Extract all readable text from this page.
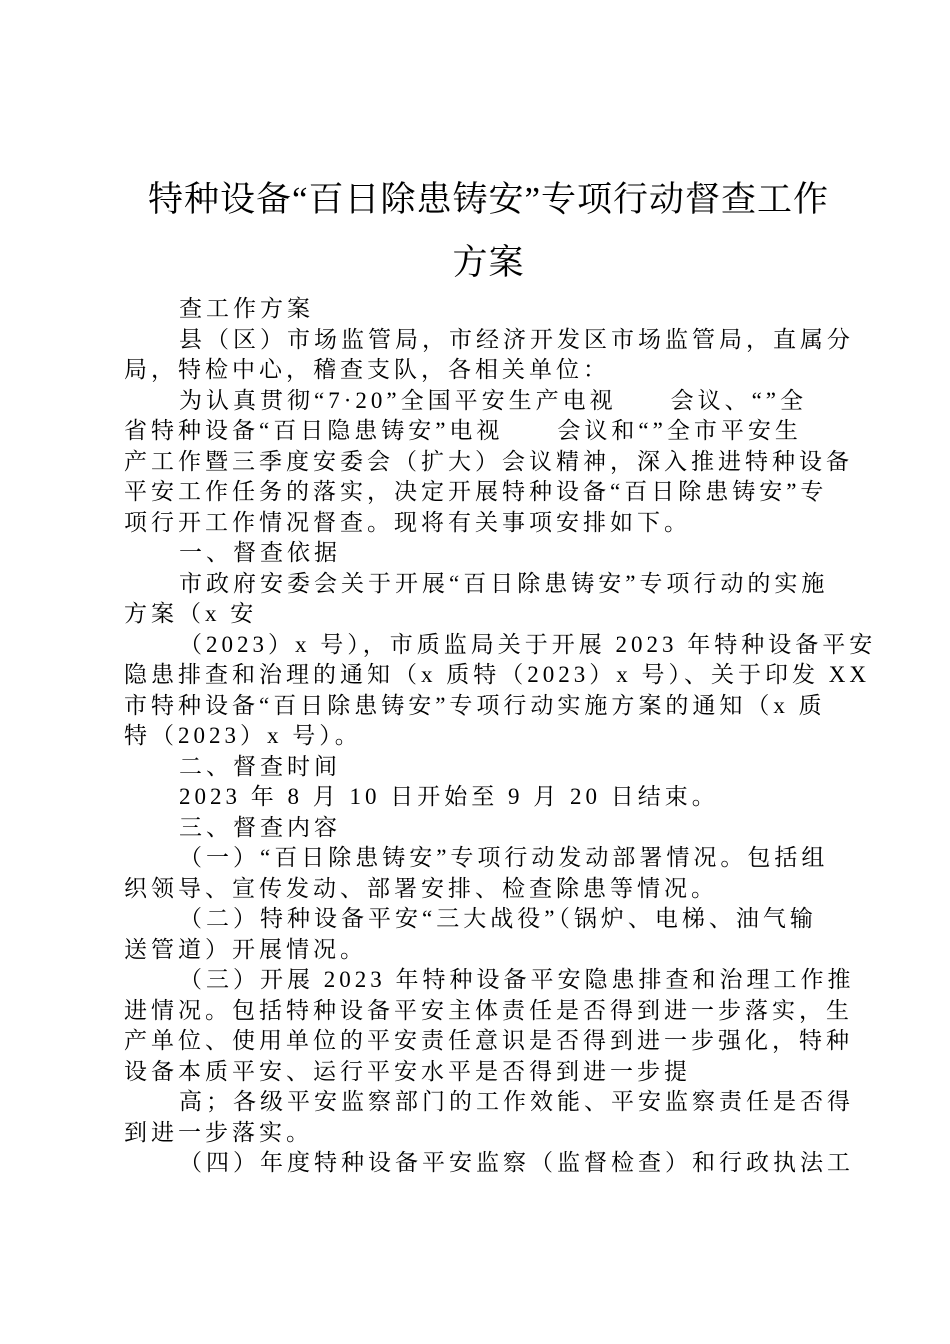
特种设备“百日除患铸安”专项行动督查工作
方案
查工作方案
县（区）市场监管局，市经济开发区市场监管局，直属分
局，特检中心，稽查支队，各相关单位：
为认真贯彻“7·20”全国平安生产电视　　会议、“”全
省特种设备“百日隐患铸安”电视　　会议和“”全市平安生
产工作暨三季度安委会（扩大）会议精神，深入推进特种设备
平安工作任务的落实，决定开展特种设备“百日除患铸安”专
项行开工作情况督查。现将有关事项安排如下。
一、督查依据
市政府安委会关于开展“百日除患铸安”专项行动的实施
方案（x 安
（2023）x 号），市质监局关于开展 2023 年特种设备平安
隐患排查和治理的通知（x 质特（2023）x 号）、关于印发 XX
市特种设备“百日除患铸安”专项行动实施方案的通知（x 质
特（2023）x 号）。
二、督查时间
2023 年 8 月 10 日开始至 9 月 20 日结束。
三、督查内容
（一）“百日除患铸安”专项行动发动部署情况。包括组
织领导、宣传发动、部署安排、检查除患等情况。
（二）特种设备平安“三大战役”（锅炉、电梯、油气输
送管道）开展情况。
（三）开展 2023 年特种设备平安隐患排查和治理工作推
进情况。包括特种设备平安主体责任是否得到进一步落实，生
产单位、使用单位的平安责任意识是否得到进一步强化，特种
设备本质平安、运行平安水平是否得到进一步提
高；各级平安监察部门的工作效能、平安监察责任是否得
到进一步落实。
（四）年度特种设备平安监察（监督检查）和行政执法工
